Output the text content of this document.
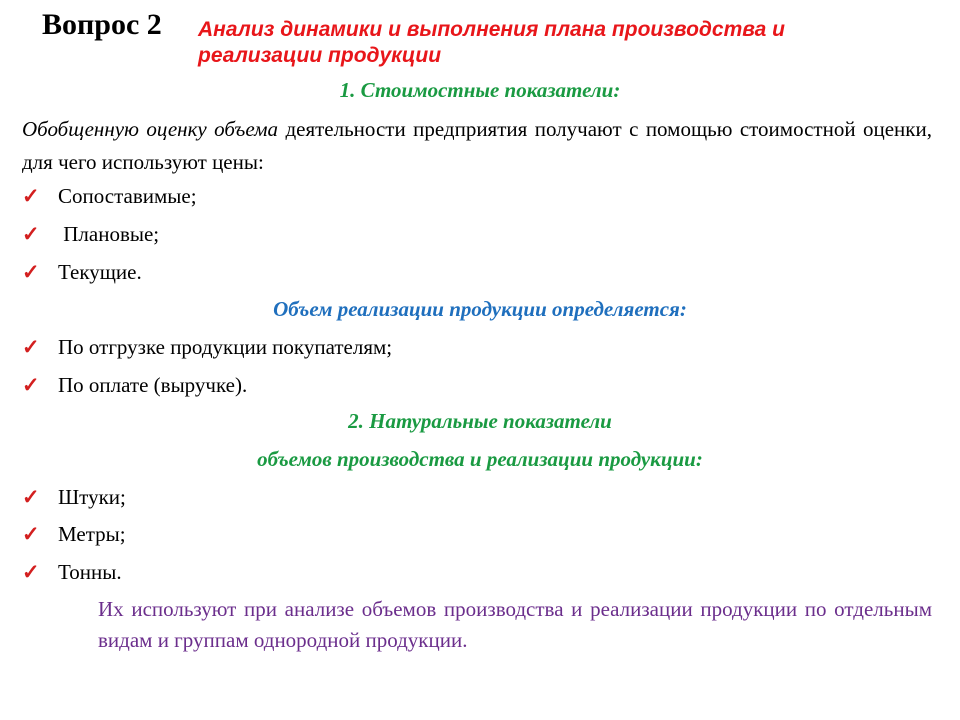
Вопрос 2 Анализ динамики и выполнения плана производства и
реализации продукции
1. Стоимостные показатели:
Обобщенную оценку объема деятельности предприятия получают с помощью стоимостной оценки, для чего используют цены:
✓ Сопоставимые;
✓ Плановые;
✓ Текущие.
Объем реализации продукции определяется:
✓ По отгрузке продукции покупателям;
✓ По оплате (выручке).
2. Натуральные показатели
объемов производства и реализации продукции:
✓ Штуки;
✓ Метры;
✓ Тонны.
Их используют при анализе объемов производства и реализации продукции по отдельным видам и группам однородной продукции.
